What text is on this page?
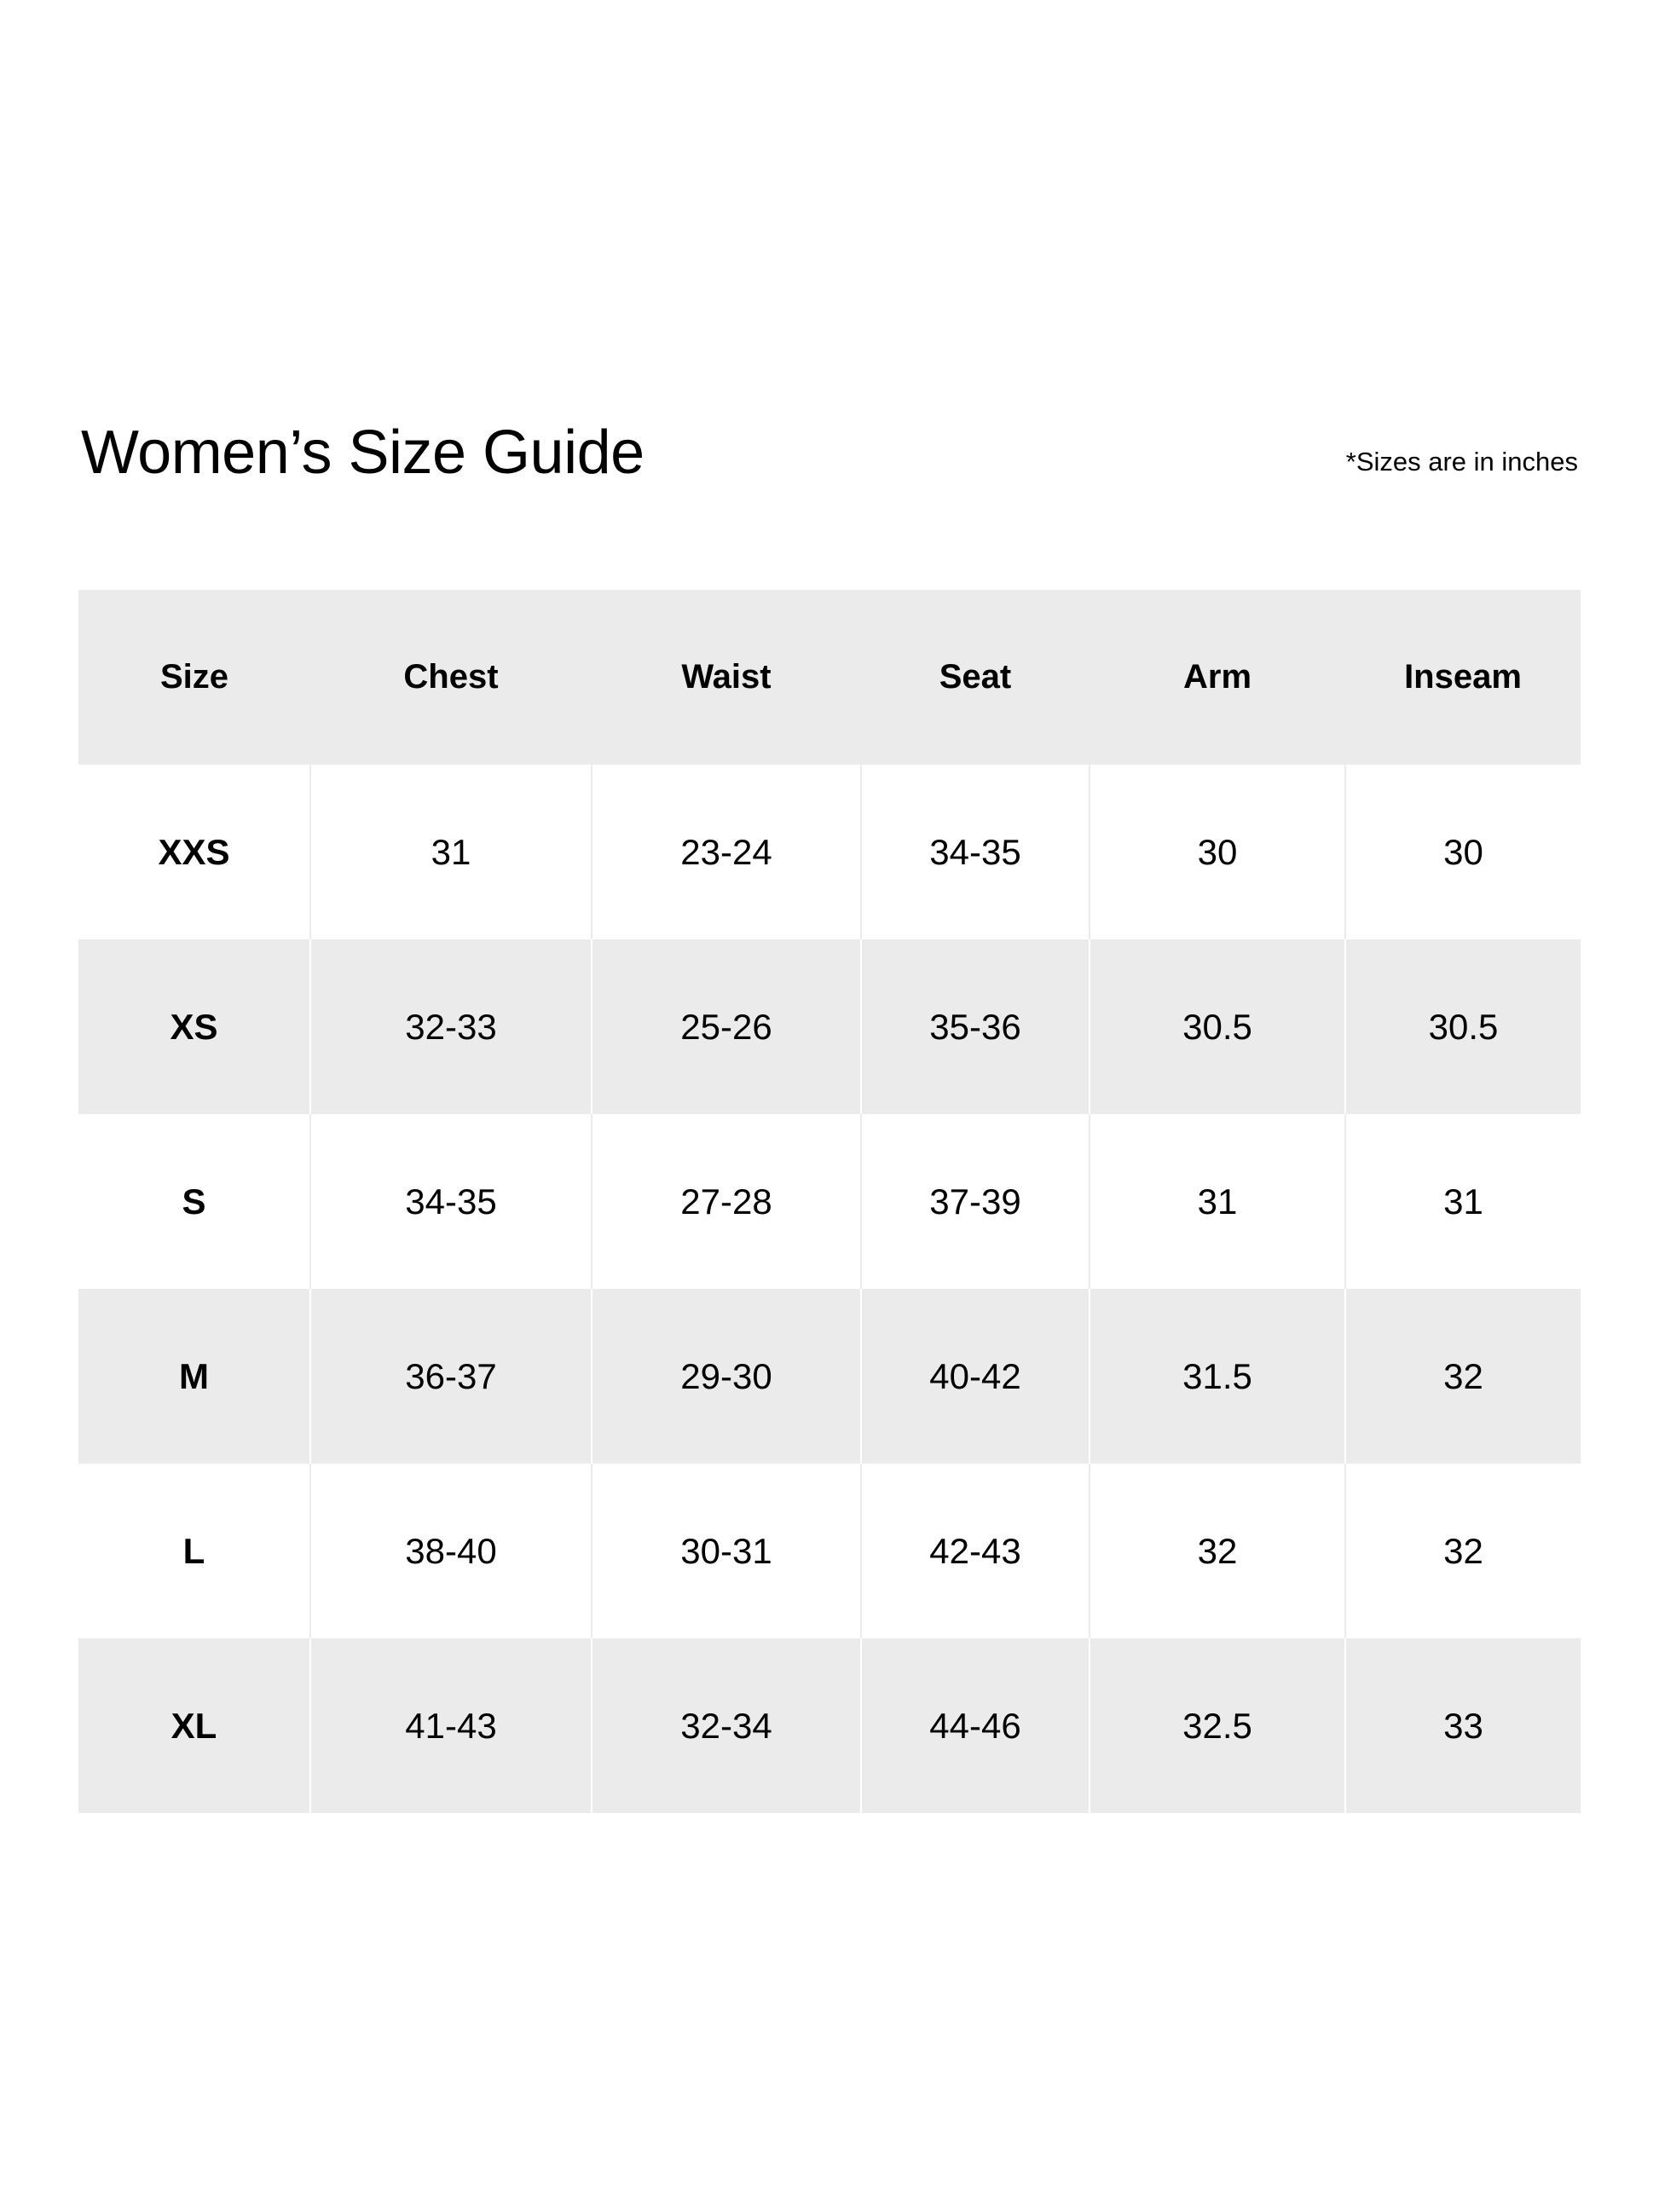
Women’s Size Guide	*Sizes are in inches
Size	Chest	Waist	Seat	Arm	Inseam
XXS	31	23-24	34-35	30	30
XS	32-33	25-26	35-36	30.5	30.5
S	34-35	27-28	37-39	31	31
M	36-37	29-30	40-42	31.5	32
L	38-40	30-31	42-43	32	32
XL	41-43	32-34	44-46	32.5	33
